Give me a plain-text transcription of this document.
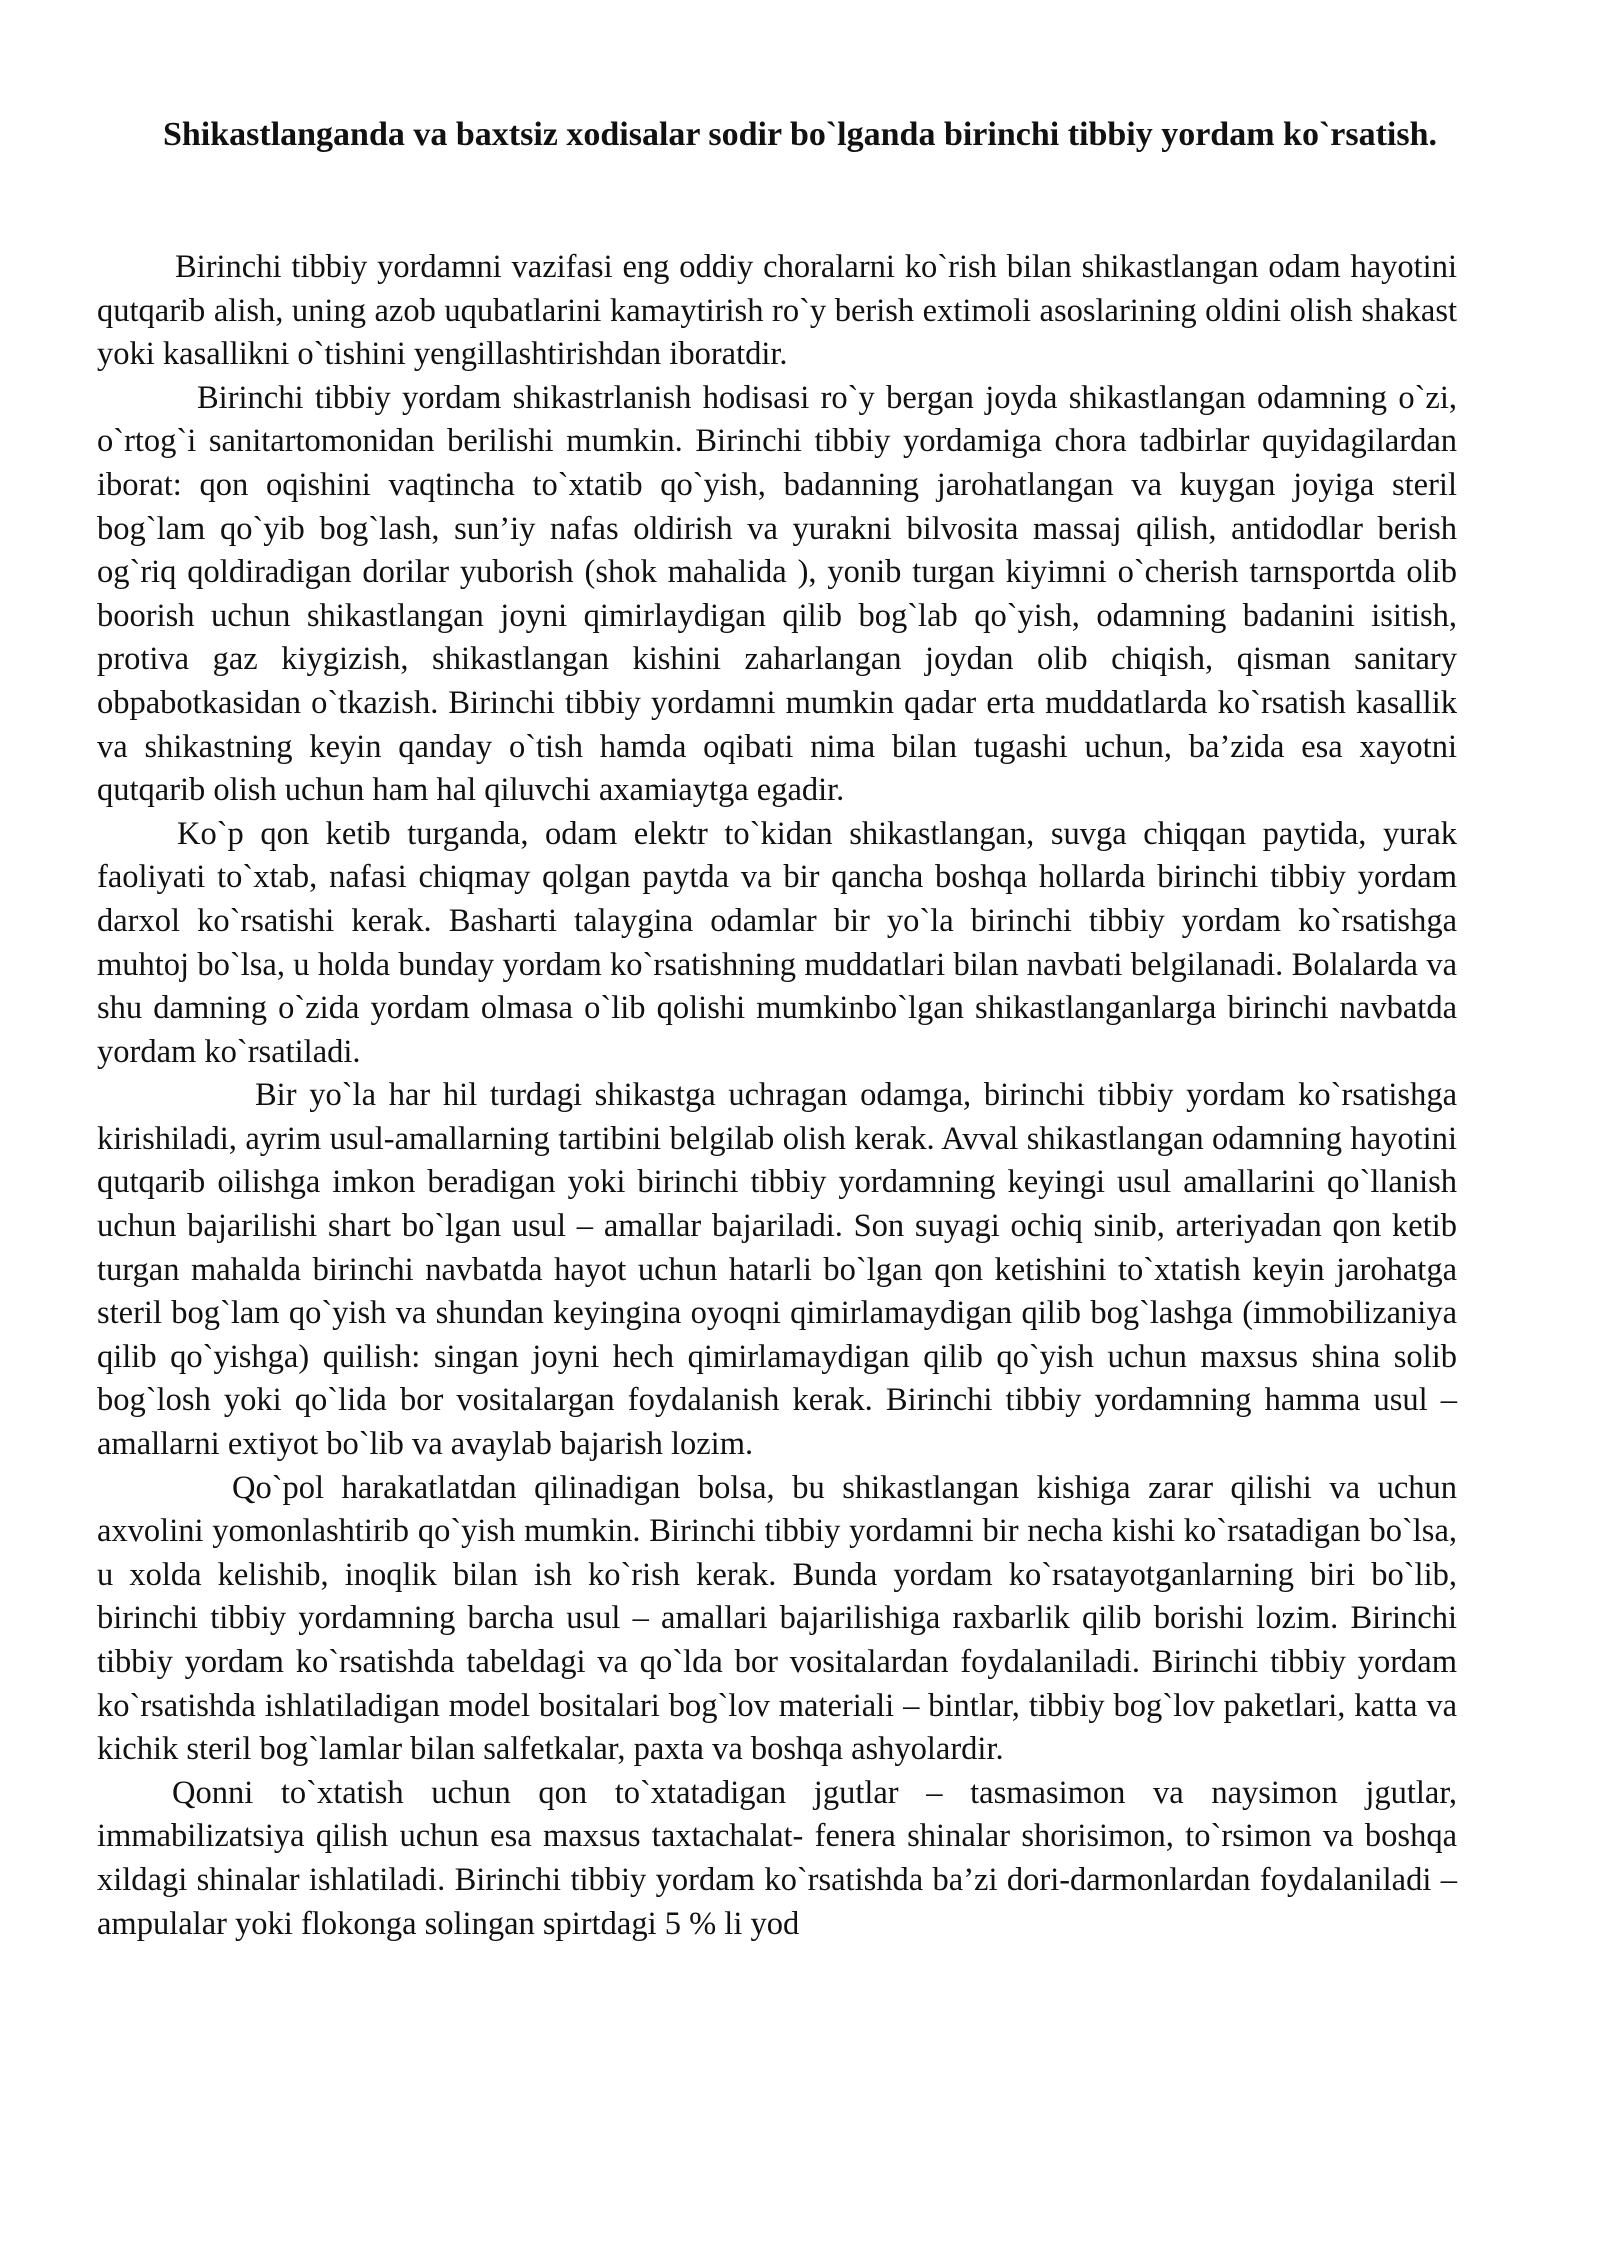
Shikastlanganda va baxtsiz xodisalar sodir bo`lganda birinchi tibbiy yordam ko`rsatish.

Birinchi tibbiy yordamni vazifasi eng oddiy choralarni ko`rish bilan shikastlangan odam hayotini qutqarib alish, uning azob uqubatlarini kamaytirish ro`y berish extimoli asoslarining oldini olish shakast yoki kasallikni o`tishini yengillashtirishdan iboratdir.

Birinchi tibbiy yordam shikastrlanish hodisasi ro`y bergan joyda shikastlangan odamning o`zi, o`rtog`i sanitartomonidan berilishi mumkin. Birinchi tibbiy yordamiga chora tadbirlar quyidagilardan iborat: qon oqishini vaqtincha to`xtatib qo`yish, badanning jarohatlangan va kuygan joyiga steril bog`lam qo`yib bog`lash, sun’iy nafas oldirish va yurakni bilvosita massaj qilish, antidodlar berish og`riq qoldiradigan dorilar yuborish (shok mahalida ), yonib turgan kiyimni o`cherish tarnsportda olib boorish uchun shikastlangan joyni qimirlaydigan qilib bog`lab qo`yish, odamning badanini isitish, protiva gaz kiygizish, shikastlangan kishini zaharlangan joydan olib chiqish, qisman sanitary obpabotkasidan o`tkazish. Birinchi tibbiy yordamni mumkin qadar erta muddatlarda ko`rsatish kasallik va shikastning keyin qanday o`tish hamda oqibati nima bilan tugashi uchun, ba’zida esa xayotni qutqarib olish uchun ham hal qiluvchi axamiaytga egadir.

Ko`p qon ketib turganda, odam elektr to`kidan shikastlangan, suvga chiqqan paytida, yurak faoliyati to`xtab, nafasi chiqmay qolgan paytda va bir qancha boshqa hollarda birinchi tibbiy yordam darxol ko`rsatishi kerak. Basharti talaygina odamlar bir yo`la birinchi tibbiy yordam ko`rsatishga muhtoj bo`lsa, u holda bunday yordam ko`rsatishning muddatlari bilan navbati belgilanadi. Bolalarda va shu damning o`zida yordam olmasa o`lib qolishi mumkinbo`lgan shikastlanganlarga birinchi navbatda yordam ko`rsatiladi.

Bir yo`la har hil turdagi shikastga uchragan odamga, birinchi tibbiy yordam ko`rsatishga kirishiladi, ayrim usul-amallarning tartibini belgilab olish kerak. Avval shikastlangan odamning hayotini qutqarib oilishga imkon beradigan yoki birinchi tibbiy yordamning keyingi usul amallarini qo`llanish uchun bajarilishi shart bo`lgan usul – amallar bajariladi. Son suyagi ochiq sinib, arteriyadan qon ketib turgan mahalda birinchi navbatda hayot uchun hatarli bo`lgan qon ketishini to`xtatish keyin jarohatga steril bog`lam qo`yish va shundan keyingina oyoqni qimirlamaydigan qilib bog`lashga (immobilizaniya qilib qo`yishga) quilish: singan joyni hech qimirlamaydigan qilib qo`yish uchun maxsus shina solib bog`losh yoki qo`lida bor vositalargan foydalanish kerak. Birinchi tibbiy yordamning hamma usul – amallarni extiyot bo`lib va avaylab bajarish lozim.

Qo`pol harakatlatdan qilinadigan bolsa, bu shikastlangan kishiga zarar qilishi va uchun axvolini yomonlashtirib qo`yish mumkin. Birinchi tibbiy yordamni bir necha kishi ko`rsatadigan bo`lsa, u xolda kelishib, inoqlik bilan ish ko`rish kerak. Bunda yordam ko`rsatayotganlarning biri bo`lib, birinchi tibbiy yordamning barcha usul – amallari bajarilishiga raxbarlik qilib borishi lozim. Birinchi tibbiy yordam ko`rsatishda tabeldagi va qo`lda bor vositalardan foydalaniladi. Birinchi tibbiy yordam ko`rsatishda ishlatiladigan model bositalari bog`lov materiali – bintlar, tibbiy bog`lov paketlari, katta va kichik steril bog`lamlar bilan salfetkalar, paxta va boshqa ashyolardir.

Qonni to`xtatish uchun qon to`xtatadigan jgutlar – tasmasimon va naysimon jgutlar, immabilizatsiya qilish uchun esa maxsus taxtachalat- fenera shinalar shorisimon, to`rsimon va boshqa xildagi shinalar ishlatiladi. Birinchi tibbiy yordam ko`rsatishda ba’zi dori-darmonlardan foydalaniladi – ampulalar yoki flokonga solingan spirtdagi 5 % li yod
